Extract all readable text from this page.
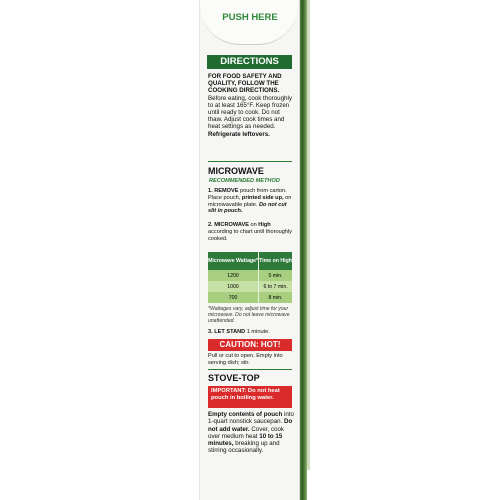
PUSH HERE
DIRECTIONS
FOR FOOD SAFETY AND QUALITY, FOLLOW THE COOKING DIRECTIONS. Before eating, cook thoroughly to at least 165°F. Keep frozen until ready to cook. Do not thaw. Adjust cook times and heat settings as needed. Refrigerate leftovers.
MICROWAVE
RECOMMENDED METHOD
1. REMOVE pouch from carton. Place pouch, printed side up, on microwavable plate. Do not cut slit in pouch.
2. MICROWAVE on High according to chart until thoroughly cooked.
Microwave Wattage*	Time on High
1200	5 min.
1000	6 to 7 min.
700	8 min.
*Wattages vary, adjust time for your microwave. Do not leave microwave unattended.
3. LET STAND 1 minute.
CAUTION: HOT!
Pull or cut to open. Empty into serving dish; stir.
STOVE-TOP
IMPORTANT: Do not heat pouch in boiling water.
Empty contents of pouch into 1-quart nonstick saucepan. Do not add water. Cover, cook over medium heat 10 to 15 minutes, breaking up and stirring occasionally.
